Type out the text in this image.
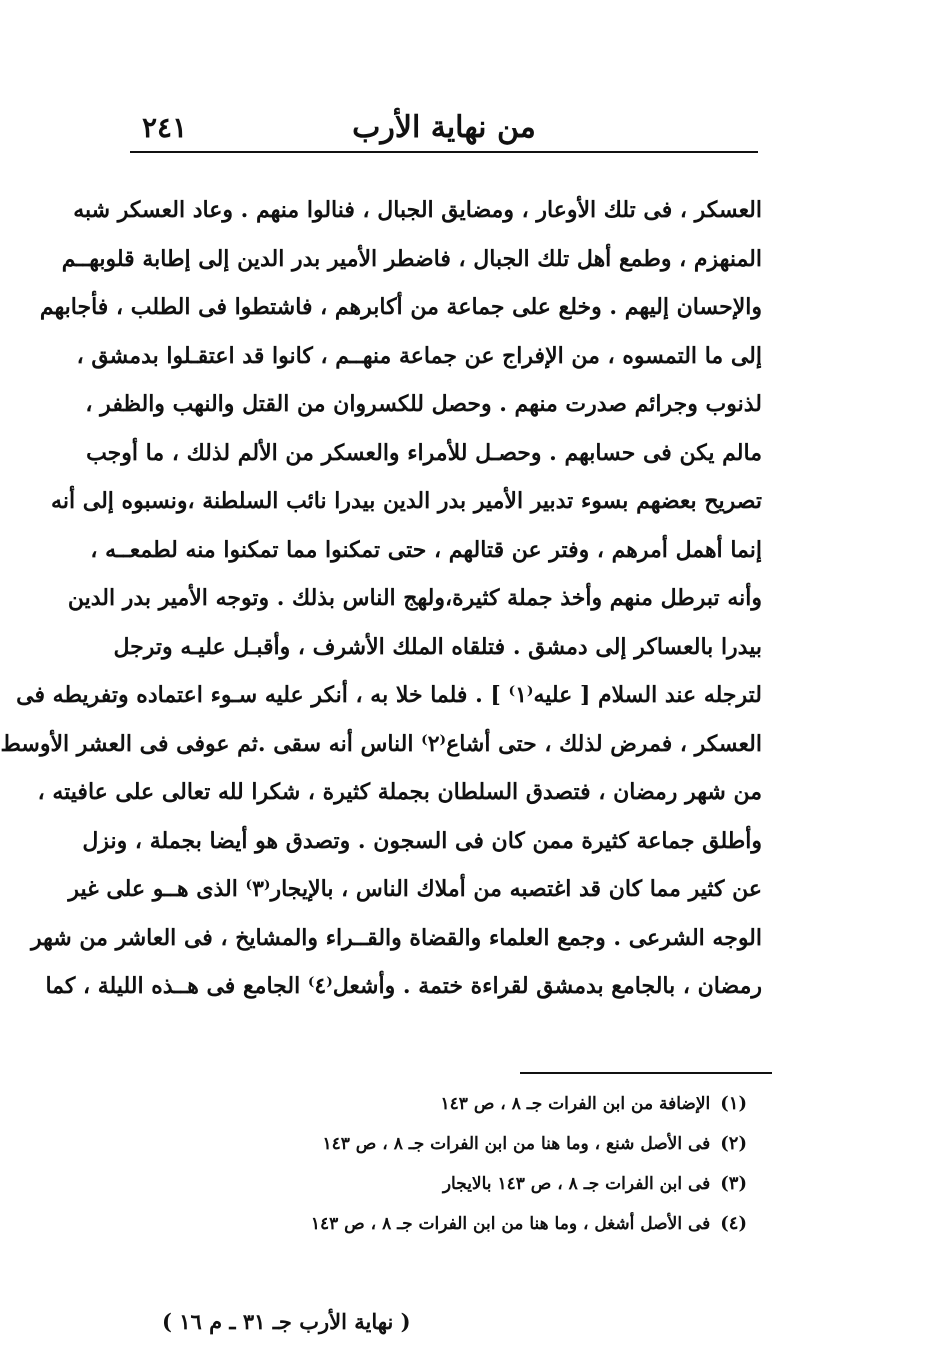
٢٤١	من نهاية الأرب
العسكر ، فى تلك الأوعار ، ومضايق الجبال ، فنالوا منهم . وعاد العسكر شبه
المنهزم ، وطمع أهل تلك الجبال ، فاضطر الأمير بدر الدين إلى إطابة قلوبهــم
والإحسان إليهم . وخلع على جماعة من أكابرهم ، فاشتطوا فى الطلب ، فأجابهم
إلى ما التمسوه ، من الإفراج عن جماعة منهــم ، كانوا قد اعتقـلوا بدمشق ،
لذنوب وجرائم صدرت منهم . وحصل للكسروان من القتل والنهب والظفر ،
مالم يكن فى حسابهم . وحصـل للأمراء والعسكر من الألم لذلك ، ما أوجب
تصريح بعضهم بسوء تدبير الأمير بدر الدين بيدرا نائب السلطنة ،ونسبوه إلى أنه
إنما أهمل أمرهم ، وفتر عن قتالهم ، حتى تمكنوا مما تمكنوا منه لطمعــه ،
وأنه تبرطل منهم وأخذ جملة كثيرة،ولهج الناس بذلك . وتوجه الأمير بدر الدين
بيدرا بالعساكر إلى دمشق . فتلقاه الملك الأشرف ، وأقبـل عليـه وترجل
لترجله عند السلام [ عليه⁽١⁾ ] . فلما خلا به ، أنكر عليه سـوء اعتماده وتفريطه فى
العسكر ، فمرض لذلك ، حتى أشاع⁽٢⁾ الناس أنه سقى .ثم عوفى فى العشر الأوسط
من شهر رمضان ، فتصدق السلطان بجملة كثيرة ، شكرا لله تعالى على عافيته ،
وأطلق جماعة كثيرة ممن كان فى السجون . وتصدق هو أيضا بجملة ، ونزل
عن كثير مما كان قد اغتصبه من أملاك الناس ، بالإيجار⁽٣⁾ الذى هــو على غير
الوجه الشرعى . وجمع العلماء والقضاة والقــراء والمشايخ ، فى العاشر من شهر
رمضان ، بالجامع بدمشق لقراءة ختمة . وأشعل⁽٤⁾ الجامع فى هــذه الليلة ، كما
(١)الإضافة من ابن الفرات جـ ٨ ، ص ١٤٣
(٢)فى الأصل شنع ، وما هنا من ابن الفرات جـ ٨ ، ص ١٤٣
(٣)فى ابن الفرات جـ ٨ ، ص ١٤٣ بالايجار
(٤)فى الأصل أشغل ، وما هنا من ابن الفرات جـ ٨ ، ص ١٤٣
( نهاية الأرب جـ ٣١ ـ م ١٦ )
